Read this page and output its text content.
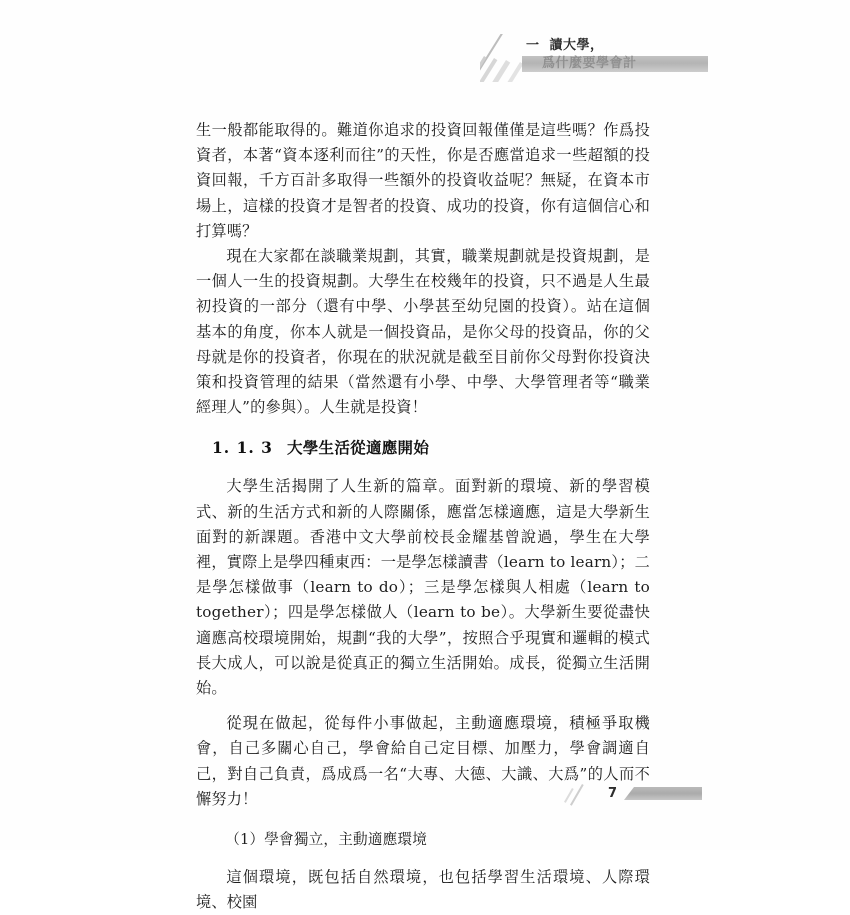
一 讀大學，
爲什麼要學會計

生一般都能取得的。難道你追求的投資回報僅僅是這些嗎？作爲投資者，本著“資本逐利而往”的天性，你是否應當追求一些超額的投資回報，千方百計多取得一些額外的投資收益呢？無疑，在資本市場上，這樣的投資才是智者的投資、成功的投資，你有這個信心和打算嗎？

現在大家都在談職業規劃，其實，職業規劃就是投資規劃，是一個人一生的投資規劃。大學生在校幾年的投資，只不過是人生最初投資的一部分（還有中學、小學甚至幼兒園的投資）。站在這個基本的角度，你本人就是一個投資品，是你父母的投資品，你的父母就是你的投資者，你現在的狀況就是截至目前你父母對你投資決策和投資管理的結果（當然還有小學、中學、大學管理者等“職業經理人”的參與）。人生就是投資！

1. 1. 3 大學生活從適應開始

大學生活揭開了人生新的篇章。面對新的環境、新的學習模式、新的生活方式和新的人際關係，應當怎樣適應，這是大學新生面對的新課題。香港中文大學前校長金耀基曾說過，學生在大學裡，實際上是學四種東西：一是學怎樣讀書（learn to learn）；二是學怎樣做事（learn to do）；三是學怎樣與人相處（learn to together）；四是學怎樣做人（learn to be）。大學新生要從盡快適應高校環境開始，規劃“我的大學”，按照合乎現實和邏輯的模式長大成人，可以說是從真正的獨立生活開始。成長，從獨立生活開始。

從現在做起，從每件小事做起，主動適應環境，積極爭取機會，自己多關心自己，學會給自己定目標、加壓力，學會調適自己，對自己負責，爲成爲一名“大專、大德、大識、大爲”的人而不懈努力！

（1）學會獨立，主動適應環境

這個環境，既包括自然環境，也包括學習生活環境、人際環境、校園

7
